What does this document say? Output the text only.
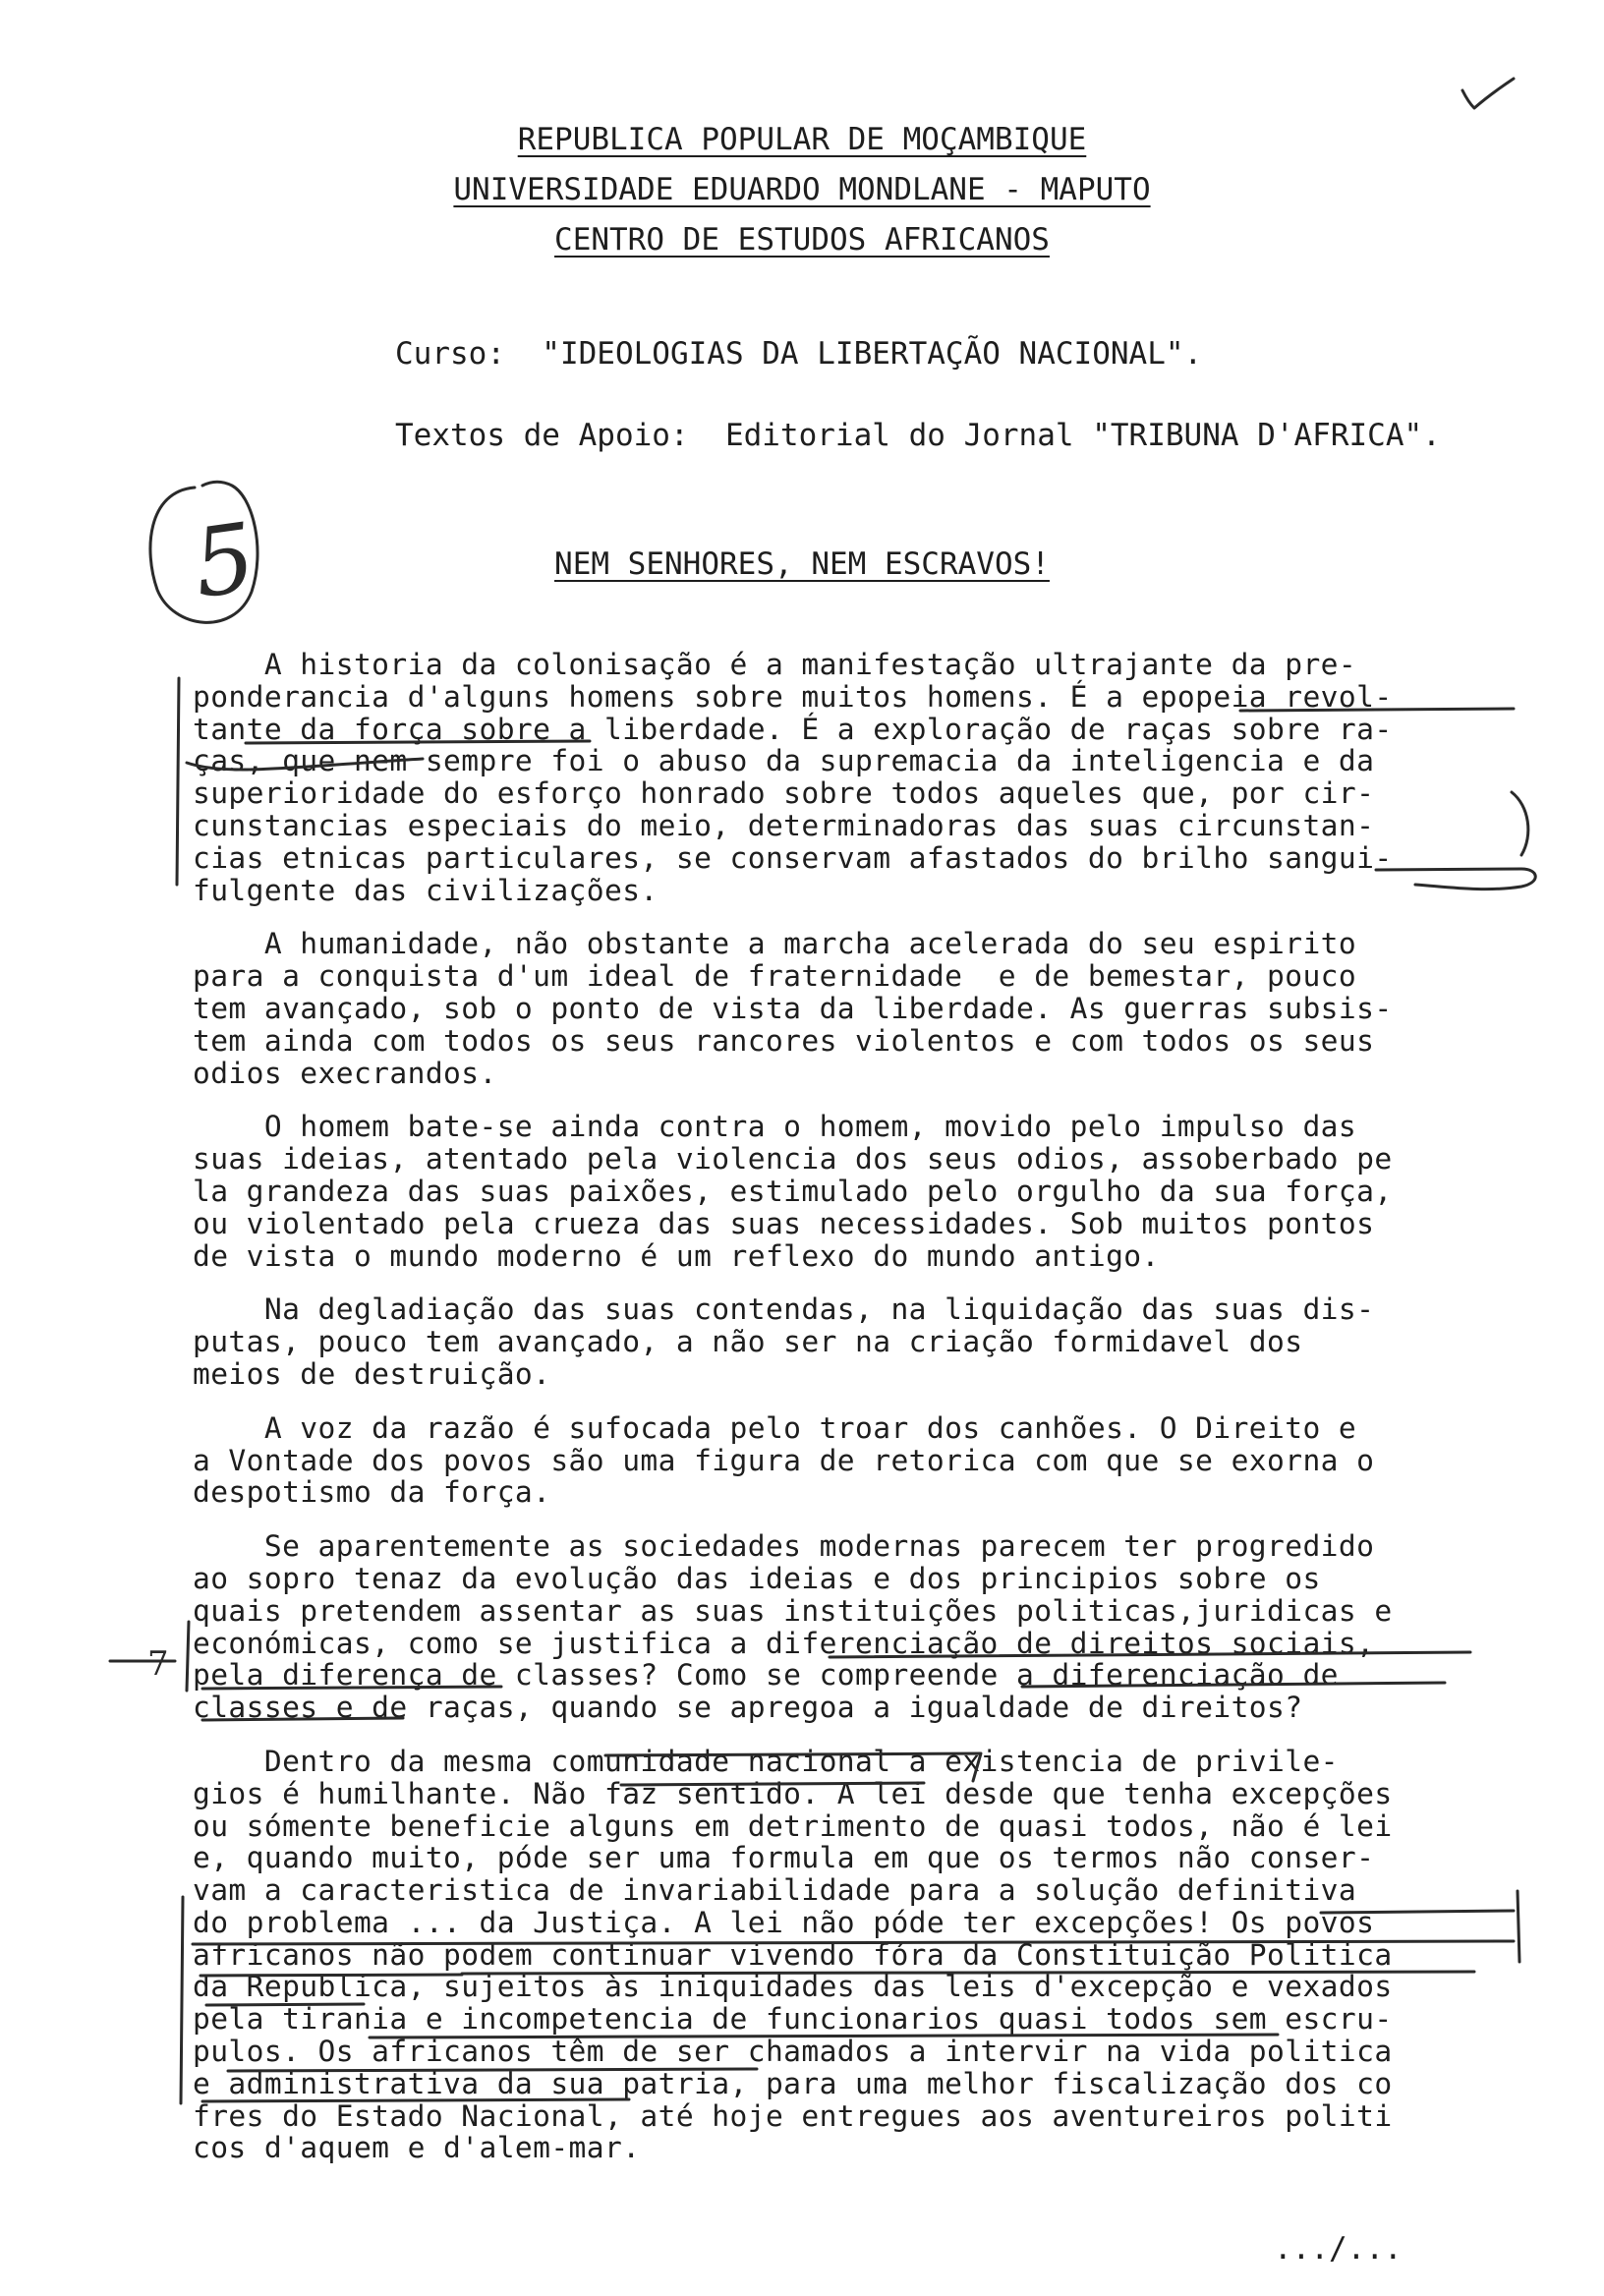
REPUBLICA POPULAR DE MOÇAMBIQUE
UNIVERSIDADE EDUARDO MONDLANE - MAPUTO
CENTRO DE ESTUDOS AFRICANOS
Curso:  "IDEOLOGIAS DA LIBERTAÇÃO NACIONAL".
Textos de Apoio:  Editorial do Jornal "TRIBUNA D'AFRICA".
NEM SENHORES, NEM ESCRAVOS!
A historia da colonisação é a manifestação ultrajante da pre-
ponderancia d'alguns homens sobre muitos homens. É a epopeia revol-
tante da força sobre a liberdade. É a exploração de raças sobre ra-
ças, que nem sempre foi o abuso da supremacia da inteligencia e da
superioridade do esforço honrado sobre todos aqueles que, por cir-
cunstancias especiais do meio, determinadoras das suas circunstan-
cias etnicas particulares, se conservam afastados do brilho sangui-
fulgente das civilizações.
A humanidade, não obstante a marcha acelerada do seu espirito
para a conquista d'um ideal de fraternidade  e de bemestar, pouco
tem avançado, sob o ponto de vista da liberdade. As guerras subsis-
tem ainda com todos os seus rancores violentos e com todos os seus
odios execrandos.
O homem bate-se ainda contra o homem, movido pelo impulso das
suas ideias, atentado pela violencia dos seus odios, assoberbado pe
la grandeza das suas paixões, estimulado pelo orgulho da sua força,
ou violentado pela crueza das suas necessidades. Sob muitos pontos
de vista o mundo moderno é um reflexo do mundo antigo.
Na degladiação das suas contendas, na liquidação das suas dis-
putas, pouco tem avançado, a não ser na criação formidavel dos
meios de destruição.
A voz da razão é sufocada pelo troar dos canhões. O Direito e
a Vontade dos povos são uma figura de retorica com que se exorna o
despotismo da força.
Se aparentemente as sociedades modernas parecem ter progredido
ao sopro tenaz da evolução das ideias e dos principios sobre os
quais pretendem assentar as suas instituições politicas,juridicas e
económicas, como se justifica a diferenciação de direitos sociais,
pela diferença de classes? Como se compreende a diferenciação de
classes e de raças, quando se apregoa a igualdade de direitos?
Dentro da mesma comunidade nacional a existencia de privile-
gios é humilhante. Não faz sentido. A lei desde que tenha excepções
ou sómente beneficie alguns em detrimento de quasi todos, não é lei
e, quando muito, póde ser uma formula em que os termos não conser-
vam a caracteristica de invariabilidade para a solução definitiva
do problema ... da Justiça. A lei não póde ter excepções! Os povos
africanos não podem continuar vivendo fóra da Constituição Politica
da Republica, sujeitos às iniquidades das leis d'excepção e vexados
pela tirania e incompetencia de funcionarios quasi todos sem escru-
pulos. Os africanos têm de ser chamados a intervir na vida politica
e administrativa da sua patria, para uma melhor fiscalização dos co
fres do Estado Nacional, até hoje entregues aos aventureiros politi
cos d'aquem e d'alem-mar.
.../...
5
7
